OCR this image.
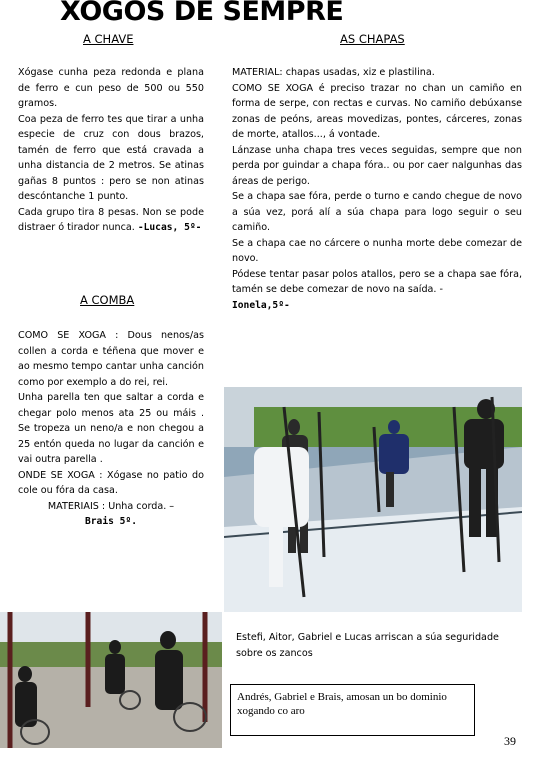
XOGOS DE SEMPRE
A CHAVE

Xógase cunha peza redonda e plana de ferro e cun peso de 500 ou 550 gramos.

Coa peza de ferro tes que tirar a unha especie de cruz con dous brazos, tamén de ferro que está cravada a unha distancia de 2 metros. Se atinas gañas 8 puntos : pero se non atinas descóntanche 1 punto.

Cada grupo tira 8 pesas. Non se pode distraer ó tirador nunca. -Lucas, 5º-

A COMBA

COMO SE XOGA : Dous nenos/as collen a corda e téñena que mover e ao mesmo tempo cantar unha canción como por exemplo a do rei, rei.

Unha parella ten que saltar a corda e chegar polo menos ata 25 ou máis . Se tropeza un neno/a e non chegou a 25 entón queda no lugar da canción e vai outra parella .

ONDE SE XOGA : Xógase no patio do cole ou fóra da casa.

MATERIAIS : Unha corda. –

Brais 5º.

AS CHAPAS

MATERIAL: chapas usadas, xiz e plastilina.

COMO SE XOGA é preciso trazar no chan un camiño en forma de serpe, con rectas e curvas. No camiño debúxanse zonas de peóns, areas movedizas, pontes, cárceres, zonas de morte, atallos..., á vontade.

Lánzase unha chapa tres veces seguidas, sempre que non perda por guindar a chapa fóra.. ou por caer nalgunhas das áreas de perigo.

Se a chapa sae fóra, perde o turno e cando chegue de novo a súa vez, porá alí a súa chapa para logo seguir o seu camiño.

Se a chapa cae no cárcere o nunha morte debe comezar de novo.

Pódese tentar pasar polos atallos, pero se a chapa sae fóra, tamén se debe comezar de novo na saída. -

Ionela,5º-

Estefi, Aitor, Gabriel e Lucas arriscan a súa seguridade sobre os zancos
Andrés, Gabriel e Brais, amosan un bo dominio xogando co aro
39
